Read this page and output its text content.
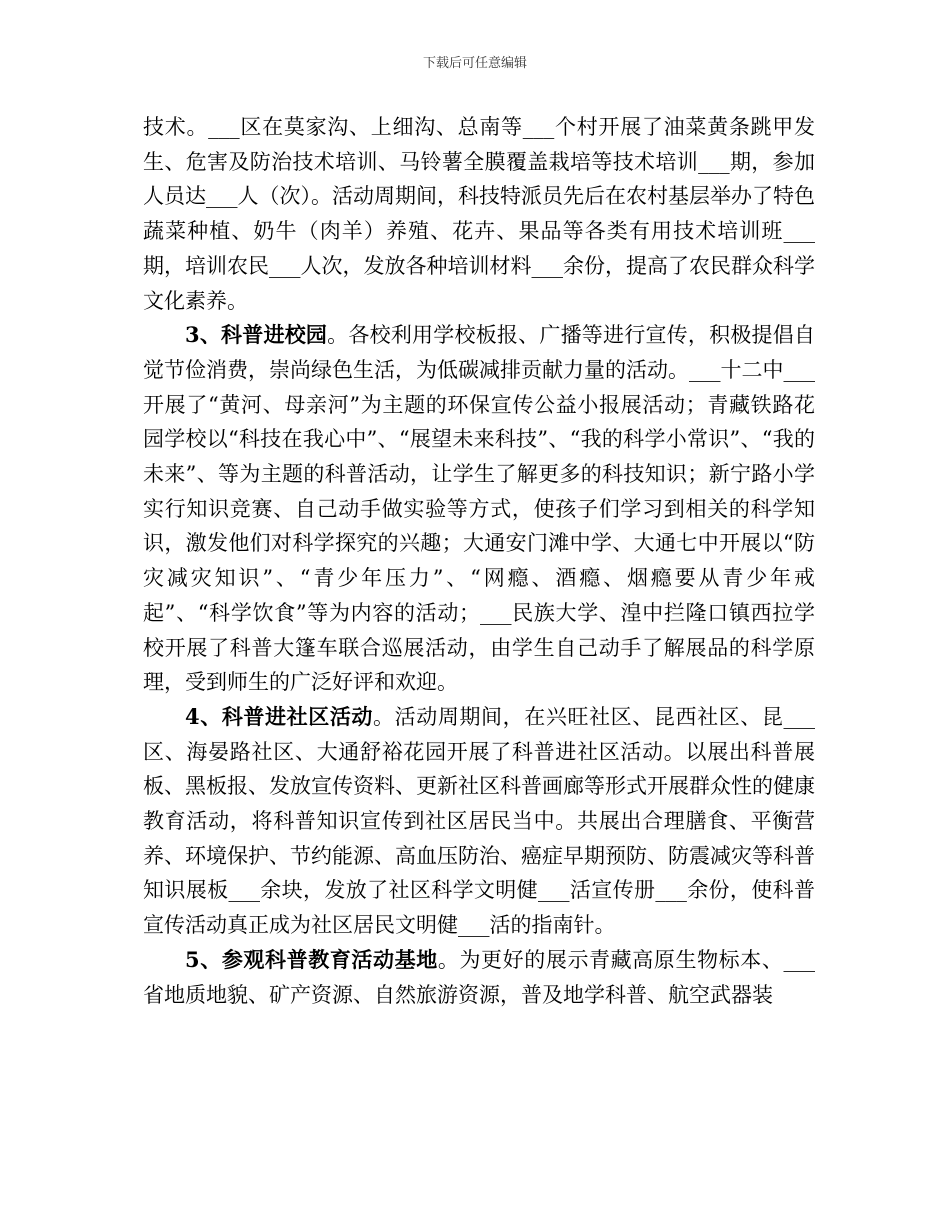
下载后可任意编辑

技术。___区在莫家沟、上细沟、总南等___个村开展了油菜黄条跳甲发生、危害及防治技术培训、马铃薯全膜覆盖栽培等技术培训___期，参加人员达___人（次）。活动周期间，科技特派员先后在农村基层举办了特色蔬菜种植、奶牛（肉羊）养殖、花卉、果品等各类有用技术培训班___期，培训农民___人次，发放各种培训材料___余份，提高了农民群众科学文化素养。

3、科普进校园。各校利用学校板报、广播等进行宣传，积极提倡自觉节俭消费，崇尚绿色生活，为低碳减排贡献力量的活动。___十二中___开展了“黄河、母亲河”为主题的环保宣传公益小报展活动；青藏铁路花园学校以“科技在我心中”、“展望未来科技”、“我的科学小常识”、“我的未来”、等为主题的科普活动，让学生了解更多的科技知识；新宁路小学实行知识竞赛、自己动手做实验等方式，使孩子们学习到相关的科学知识，激发他们对科学探究的兴趣；大通安门滩中学、大通七中开展以“防灾减灾知识”、“青少年压力”、“网瘾、酒瘾、烟瘾要从青少年戒起”、“科学饮食”等为内容的活动；___民族大学、湟中拦隆口镇西拉学校开展了科普大篷车联合巡展活动，由学生自己动手了解展品的科学原理，受到师生的广泛好评和欢迎。

4、科普进社区活动。活动周期间，在兴旺社区、昆西社区、昆___区、海晏路社区、大通舒裕花园开展了科普进社区活动。以展出科普展板、黑板报、发放宣传资料、更新社区科普画廊等形式开展群众性的健康教育活动，将科普知识宣传到社区居民当中。共展出合理膳食、平衡营养、环境保护、节约能源、高血压防治、癌症早期预防、防震减灾等科普知识展板___余块，发放了社区科学文明健___活宣传册___余份，使科普宣传活动真正成为社区居民文明健___活的指南针。

5、参观科普教育活动基地。为更好的展示青藏高原生物标本、___省地质地貌、矿产资源、自然旅游资源，普及地学科普、航空武器装
